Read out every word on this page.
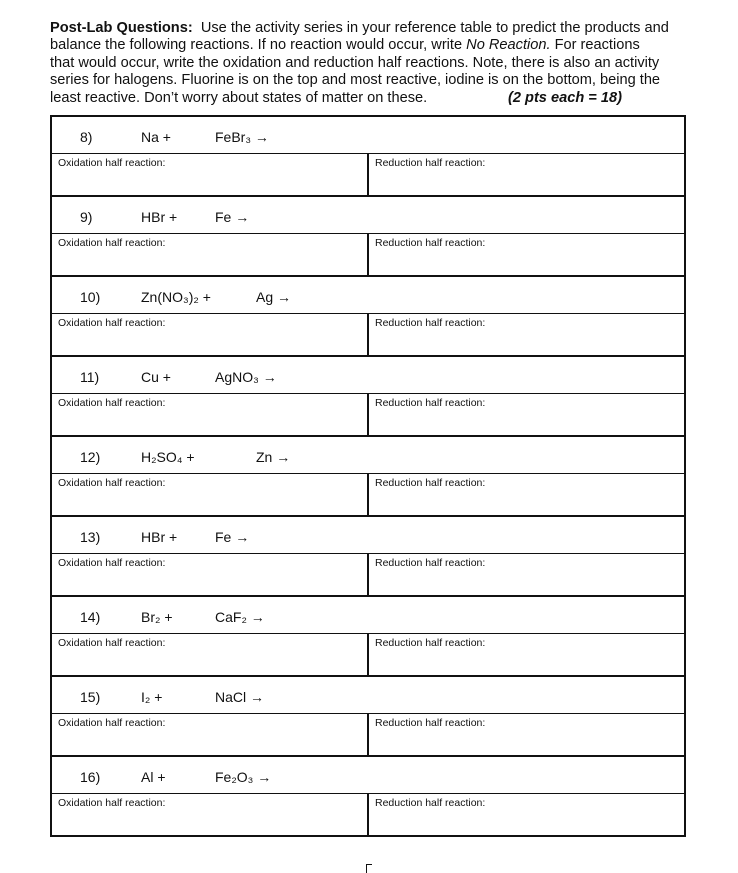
Post-Lab Questions: Use the activity series in your reference table to predict the products and
balance the following reactions. If no reaction would occur, write No Reaction. For reactions
that would occur, write the oxidation and reduction half reactions. Note, there is also an activity
series for halogens. Fluorine is on the top and most reactive, iodine is on the bottom, being the
least reactive. Don’t worry about states of matter on these.	(2 pts each = 18)
8) Na + FeBr₃ →	

Oxidation half reaction:	Reduction half reaction:

9) HBr + Fe →	

Oxidation half reaction:	Reduction half reaction:

10) Zn(NO₃)₂ + Ag →	

Oxidation half reaction:	Reduction half reaction:

11) Cu + AgNO₃ →	

Oxidation half reaction:	Reduction half reaction:

12) H₂SO₄ + Zn →	

Oxidation half reaction:	Reduction half reaction:

13) HBr + Fe →	

Oxidation half reaction:	Reduction half reaction:

14) Br₂ + CaF₂ →	

Oxidation half reaction:	Reduction half reaction:

15) I₂ + NaCl →	

Oxidation half reaction:	Reduction half reaction:

16) Al + Fe₂O₃ →	

Oxidation half reaction:	Reduction half reaction:
